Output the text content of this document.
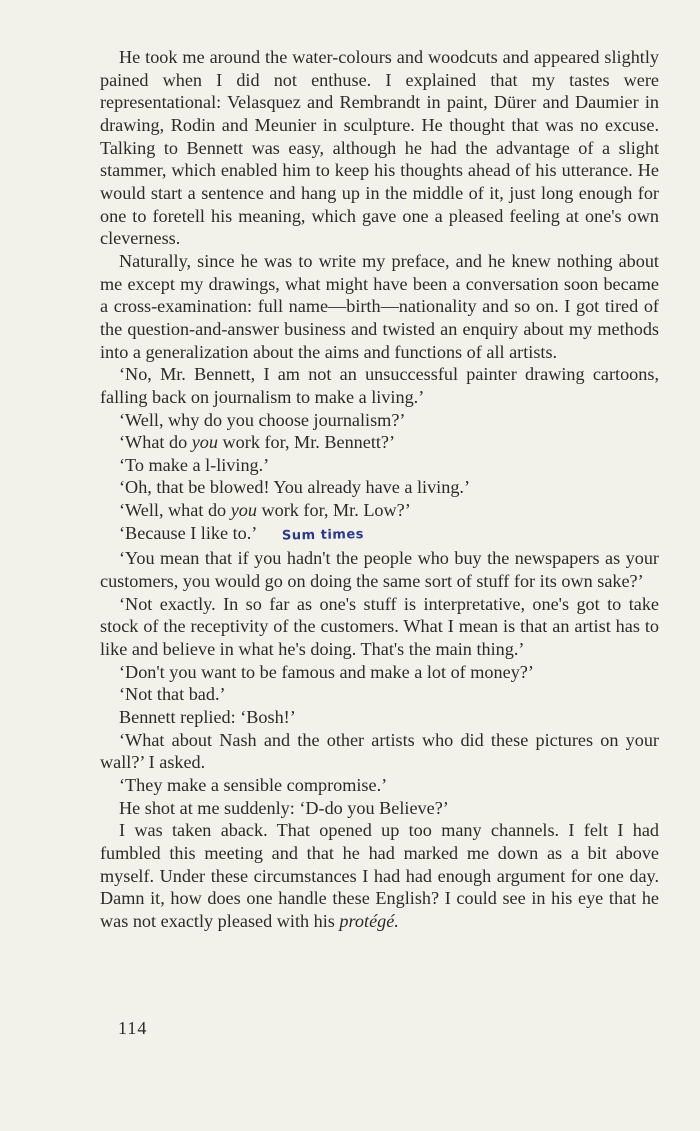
He took me around the water-colours and woodcuts and appeared slightly pained when I did not enthuse. I explained that my tastes were representational: Velasquez and Rembrandt in paint, Dürer and Daumier in drawing, Rodin and Meunier in sculpture. He thought that was no excuse. Talking to Bennett was easy, although he had the advantage of a slight stammer, which enabled him to keep his thoughts ahead of his utterance. He would start a sentence and hang up in the middle of it, just long enough for one to foretell his meaning, which gave one a pleased feeling at one's own cleverness.

Naturally, since he was to write my preface, and he knew nothing about me except my drawings, what might have been a conversation soon became a cross-examination: full name—birth—nationality and so on. I got tired of the question-and-answer business and twisted an enquiry about my methods into a generalization about the aims and functions of all artists.

‘No, Mr. Bennett, I am not an unsuccessful painter drawing cartoons, falling back on journalism to make a living.’

‘Well, why do you choose journalism?’

‘What do you work for, Mr. Bennett?’

‘To make a l-living.’

‘Oh, that be blowed! You already have a living.’

‘Well, what do you work for, Mr. Low?’

‘Because I like to.’ Sum times

‘You mean that if you hadn't the people who buy the newspapers as your customers, you would go on doing the same sort of stuff for its own sake?’

‘Not exactly. In so far as one's stuff is interpretative, one's got to take stock of the receptivity of the customers. What I mean is that an artist has to like and believe in what he's doing. That's the main thing.’

‘Don't you want to be famous and make a lot of money?’

‘Not that bad.’

Bennett replied: ‘Bosh!’

‘What about Nash and the other artists who did these pictures on your wall?’ I asked.

‘They make a sensible compromise.’

He shot at me suddenly: ‘D-do you Believe?’

I was taken aback. That opened up too many channels. I felt I had fumbled this meeting and that he had marked me down as a bit above myself. Under these circumstances I had had enough argument for one day. Damn it, how does one handle these English? I could see in his eye that he was not exactly pleased with his protégé.

114
